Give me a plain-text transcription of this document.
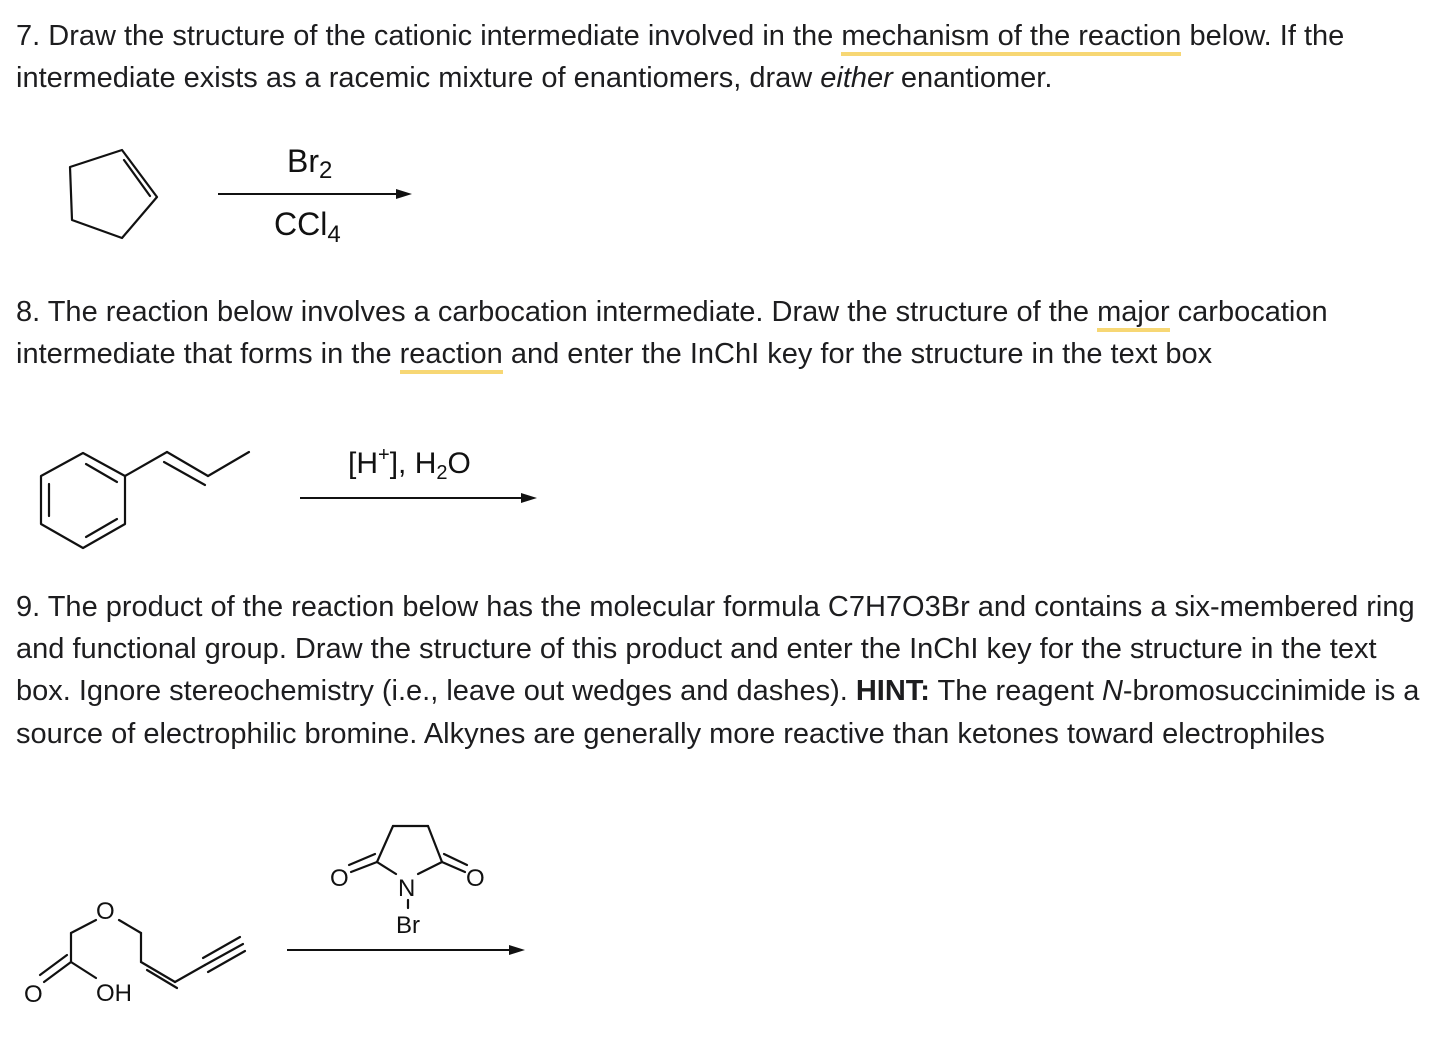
7. Draw the structure of the cationic intermediate involved in the mechanism of the reaction below. If the intermediate exists as a racemic mixture of enantiomers, draw either enantiomer.

Br2
CCl$_4$

8. The reaction below involves a carbocation intermediate. Draw the structure of the major carbocation intermediate that forms in the reaction and enter the InChI key for the structure in the text box

[H+], $H_2O$

9. The product of the reaction below has the molecular formula C7H7O3Br and contains a six-membered ring and functional group. Draw the structure of this product and enter the InChI key for the structure in the text box. Ignore stereochemistry (i.e., leave out wedges and dashes). HINT: The reagent N-bromosuccinimide is a source of electrophilic bromine. Alkynes are generally more reactive than ketones toward electrophiles

O	O
N
Br
O
O OH
